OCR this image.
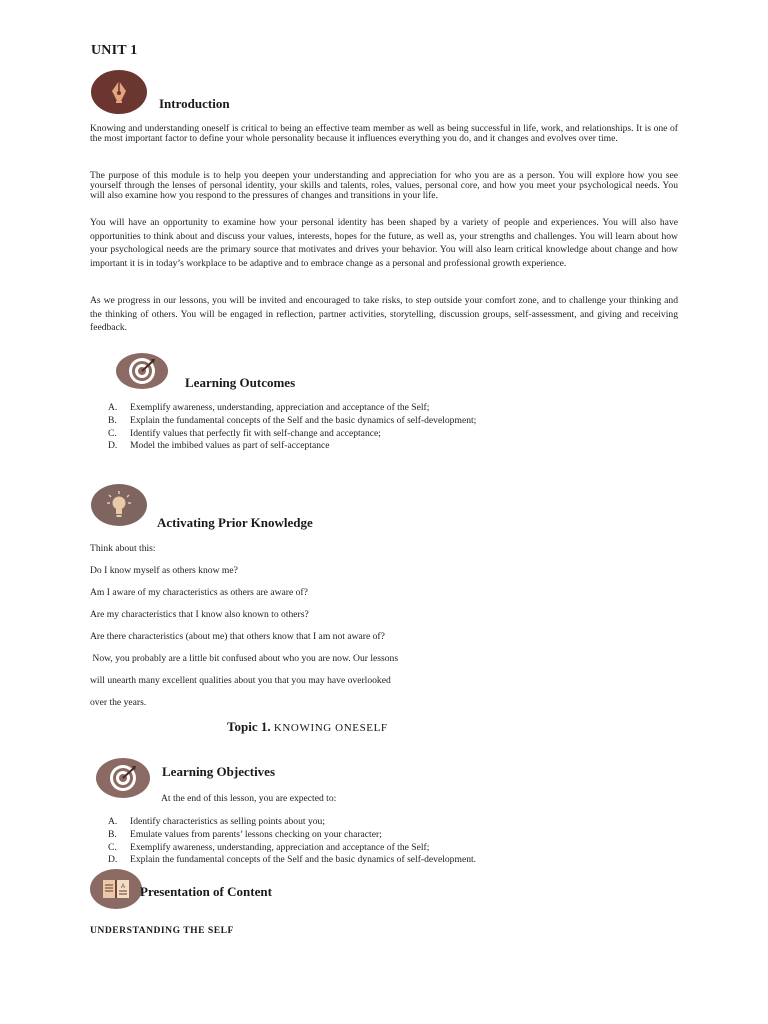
UNIT 1
Introduction
Knowing and understanding oneself is critical to being an effective team member as well as being successful in life, work, and relationships. It is one of the most important factor to define your whole personality because it influences everything you do, and it changes and evolves over time.
The purpose of this module is to help you deepen your understanding and appreciation for who you are as a person. You will explore how you see yourself through the lenses of personal identity, your skills and talents, roles, values, personal core, and how you meet your psychological needs. You will also examine how you respond to the pressures of changes and transitions in your life.
You will have an opportunity to examine how your personal identity has been shaped by a variety of people and experiences. You will also have opportunities to think about and discuss your values, interests, hopes for the future, as well as, your strengths and challenges. You will learn about how your psychological needs are the primary source that motivates and drives your behavior. You will also learn critical knowledge about change and how important it is in today’s workplace to be adaptive and to embrace change as a personal and professional growth experience.
As we progress in our lessons, you will be invited and encouraged to take risks, to step outside your comfort zone, and to challenge your thinking and the thinking of others. You will be engaged in reflection, partner activities, storytelling, discussion groups, self-assessment, and giving and receiving feedback.
Learning Outcomes
A.	Exemplify awareness, understanding, appreciation and acceptance of the Self;
B.	Explain the fundamental concepts of the Self and the basic dynamics of self-development;
C.	Identify values that perfectly fit with self-change and acceptance;
D.	Model the imbibed values as part of self-acceptance
Activating Prior Knowledge
Think about this:
Do I know myself as others know me?
Am I aware of my characteristics as others are aware of?
Are my characteristics that I know also known to others?
Are there characteristics (about me) that others know that I am not aware of?
Now, you probably are a little bit confused about who you are now. Our lessons
will unearth many excellent qualities about you that you may have overlooked
over the years.
Topic 1. KNOWING ONESELF
Learning Objectives
At the end of this lesson, you are expected to:
A.	Identify characteristics as selling points about you;
B.	Emulate values from parents’ lessons checking on your character;
C.	Exemplify awareness, understanding, appreciation and acceptance of the Self;
D.	Explain the fundamental concepts of the Self and the basic dynamics of self-development.
A Presentation of Content
UNDERSTANDING THE SELF
